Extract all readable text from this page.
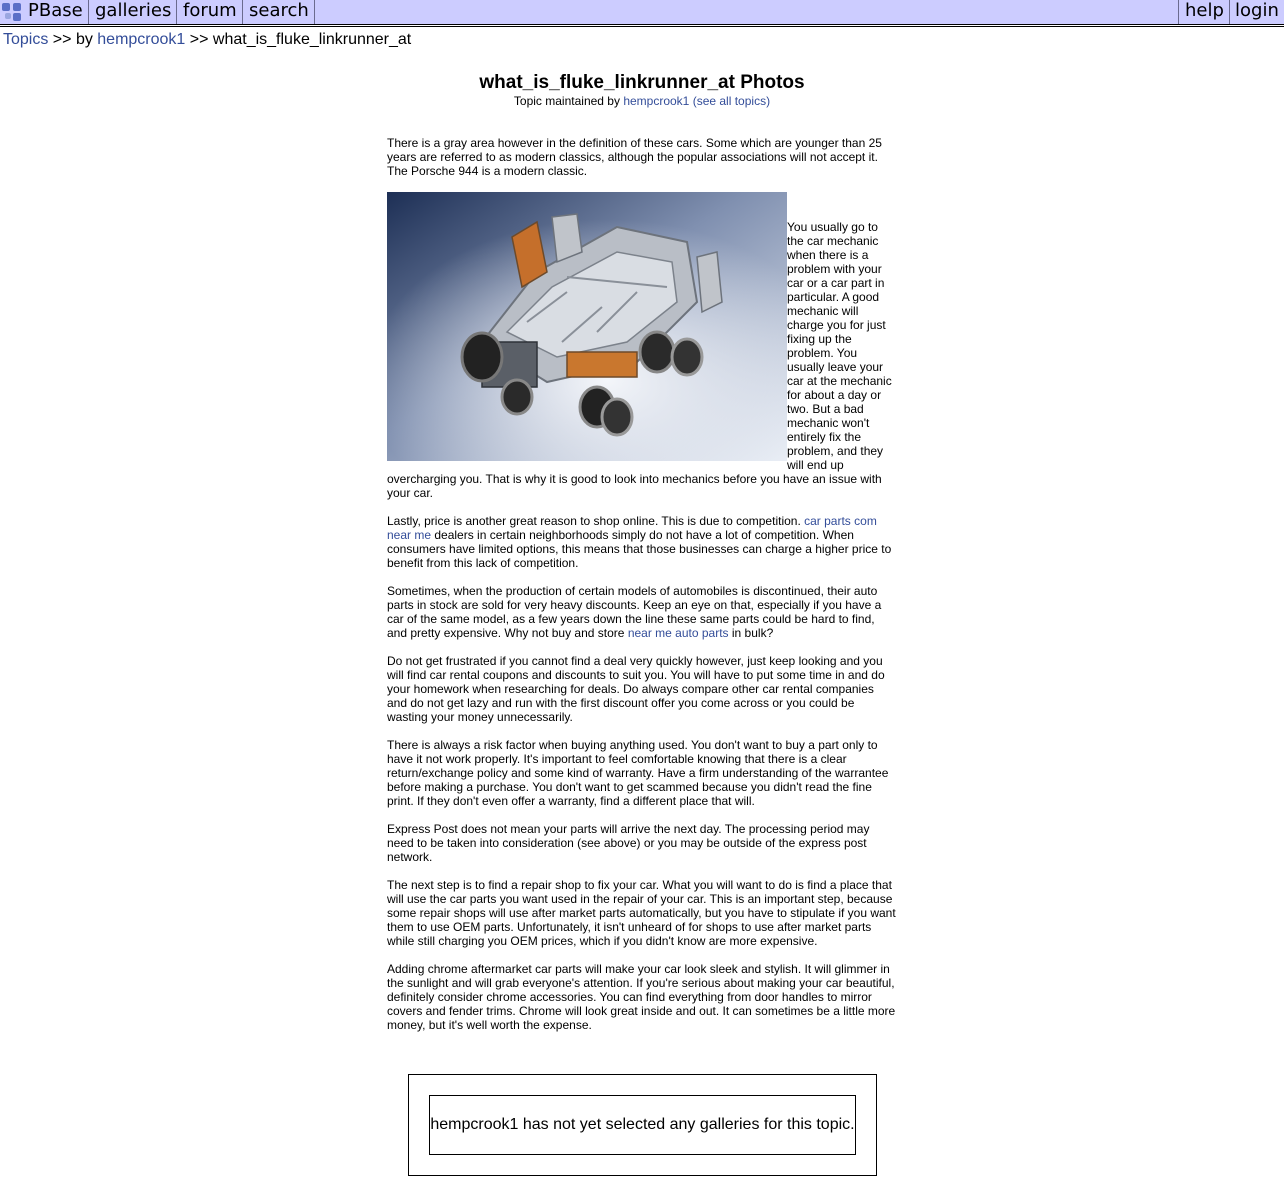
PBase galleries forum search	help login
Topics >> by hempcrook1 >> what_is_fluke_linkrunner_at
what_is_fluke_linkrunner_at Photos
Topic maintained by hempcrook1 (see all topics)

There is a gray area however in the definition of these cars. Some which are younger than 25 years are referred to as modern classics, although the popular associations will not accept it. The Porsche 944 is a modern classic.

You usually go to the car mechanic when there is a problem with your car or a car part in particular. A good mechanic will charge you for just fixing up the problem. You usually leave your car at the mechanic for about a day or two. But a bad mechanic won't entirely fix the problem, and they will end up overcharging you. That is why it is good to look into mechanics before you have an issue with your car.

Lastly, price is another great reason to shop online. This is due to competition. car parts com near me dealers in certain neighborhoods simply do not have a lot of competition. When consumers have limited options, this means that those businesses can charge a higher price to benefit from this lack of competition.

Sometimes, when the production of certain models of automobiles is discontinued, their auto parts in stock are sold for very heavy discounts. Keep an eye on that, especially if you have a car of the same model, as a few years down the line these same parts could be hard to find, and pretty expensive. Why not buy and store near me auto parts in bulk?

Do not get frustrated if you cannot find a deal very quickly however, just keep looking and you will find car rental coupons and discounts to suit you. You will have to put some time in and do your homework when researching for deals. Do always compare other car rental companies and do not get lazy and run with the first discount offer you come across or you could be wasting your money unnecessarily.

There is always a risk factor when buying anything used. You don't want to buy a part only to have it not work properly. It's important to feel comfortable knowing that there is a clear return/exchange policy and some kind of warranty. Have a firm understanding of the warrantee before making a purchase. You don't want to get scammed because you didn't read the fine print. If they don't even offer a warranty, find a different place that will.

Express Post does not mean your parts will arrive the next day. The processing period may need to be taken into consideration (see above) or you may be outside of the express post network.

The next step is to find a repair shop to fix your car. What you will want to do is find a place that will use the car parts you want used in the repair of your car. This is an important step, because some repair shops will use after market parts automatically, but you have to stipulate if you want them to use OEM parts. Unfortunately, it isn't unheard of for shops to use after market parts while still charging you OEM prices, which if you didn't know are more expensive.

Adding chrome aftermarket car parts will make your car look sleek and stylish. It will glimmer in the sunlight and will grab everyone's attention. If you're serious about making your car beautiful, definitely consider chrome accessories. You can find everything from door handles to mirror covers and fender trims. Chrome will look great inside and out. It can sometimes be a little more money, but it's well worth the expense.

hempcrook1 has not yet selected any galleries for this topic.
